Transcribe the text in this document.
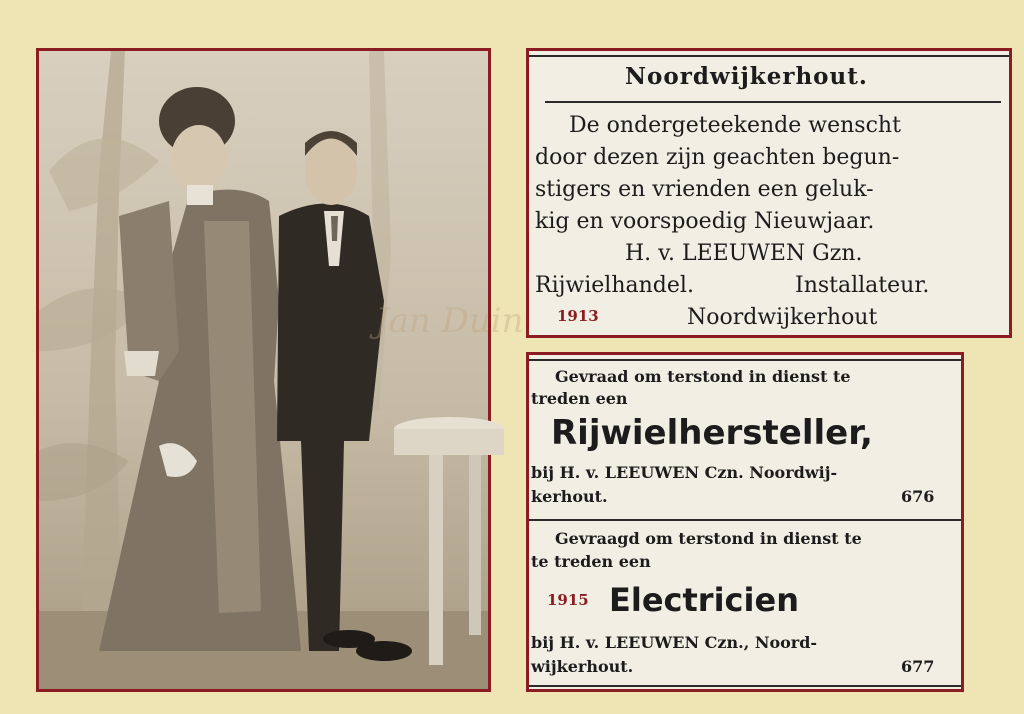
Jan Duin
Noordwijkerhout.
De ondergeteekende wenscht
door dezen zijn geachten begun-
stigers en vrienden een geluk-
kig en voorspoedig Nieuwjaar.
H. v. LEEUWEN Gzn.
Rijwielhandel.	Installateur.
1913	Noordwijkerhout
Gevraad om terstond in dienst te
treden een
Rijwielhersteller,
bij H. v. LEEUWEN Czn. Noordwij-
kerhout.	676
Gevraagd om terstond in dienst te
te treden een
1915 Electricien
bij H. v. LEEUWEN Czn., Noord-
wijkerhout.	677
